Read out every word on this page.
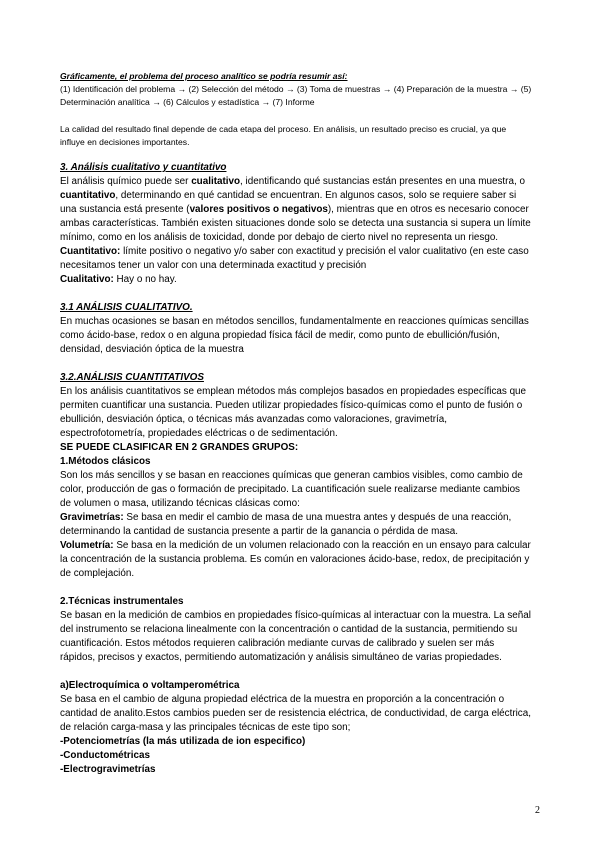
Gráficamente, el problema del proceso analítico se podría resumir así:

(1) Identificación del problema → (2) Selección del método → (3) Toma de muestras → (4) Preparación de la muestra → (5) Determinación analítica → (6) Cálculos y estadística → (7) Informe

La calidad del resultado final depende de cada etapa del proceso. En análisis, un resultado preciso es crucial, ya que influye en decisiones importantes.

3. Análisis cualitativo y cuantitativo

El análisis químico puede ser cualitativo, identificando qué sustancias están presentes en una muestra, o cuantitativo, determinando en qué cantidad se encuentran. En algunos casos, solo se requiere saber si una sustancia está presente (valores positivos o negativos), mientras que en otros es necesario conocer ambas características. También existen situaciones donde solo se detecta una sustancia si supera un límite mínimo, como en los análisis de toxicidad, donde por debajo de cierto nivel no representa un riesgo.

Cuantitativo: límite positivo o negativo y/o saber con exactitud y precisión el valor cualitativo (en este caso necesitamos tener un valor con una determinada exactitud y precisión

Cualitativo: Hay o no hay.

3.1 ANÁLISIS CUALITATIVO.

En muchas ocasiones se basan en métodos sencillos, fundamentalmente en reacciones químicas sencillas como ácido-base, redox o en alguna propiedad física fácil de medir, como punto de ebullición/fusión, densidad, desviación óptica de la muestra

3.2.ANÁLISIS CUANTITATIVOS

En los análisis cuantitativos se emplean métodos más complejos basados en propiedades específicas que permiten cuantificar una sustancia. Pueden utilizar propiedades físico-químicas como el punto de fusión o ebullición, desviación óptica, o técnicas más avanzadas como valoraciones, gravimetría, espectrofotometría, propiedades eléctricas o de sedimentación.

SE PUEDE CLASIFICAR EN 2 GRANDES GRUPOS:

1.Métodos clásicos

Son los más sencillos y se basan en reacciones químicas que generan cambios visibles, como cambio de color, producción de gas o formación de precipitado. La cuantificación suele realizarse mediante cambios de volumen o masa, utilizando técnicas clásicas como:

Gravimetrías: Se basa en medir el cambio de masa de una muestra antes y después de una reacción, determinando la cantidad de sustancia presente a partir de la ganancia o pérdida de masa.

Volumetría: Se basa en la medición de un volumen relacionado con la reacción en un ensayo para calcular la concentración de la sustancia problema. Es común en valoraciones ácido-base, redox, de precipitación y de complejación.

2.Técnicas instrumentales

Se basan en la medición de cambios en propiedades físico-químicas al interactuar con la muestra. La señal del instrumento se relaciona linealmente con la concentración o cantidad de la sustancia, permitiendo su cuantificación. Estos métodos requieren calibración mediante curvas de calibrado y suelen ser más rápidos, precisos y exactos, permitiendo automatización y análisis simultáneo de varias propiedades.

a)Electroquímica o voltamperométrica

Se basa en el cambio de alguna propiedad eléctrica de la muestra en proporción a la concentración o cantidad de analito.Estos cambios pueden ser de resistencia eléctrica, de conductividad, de carga eléctrica, de relación carga-masa y las principales técnicas de este tipo son;

-Potenciometrías (la más utilizada de ion especifico)

-Conductométricas

-Electrogravimetrías

2
